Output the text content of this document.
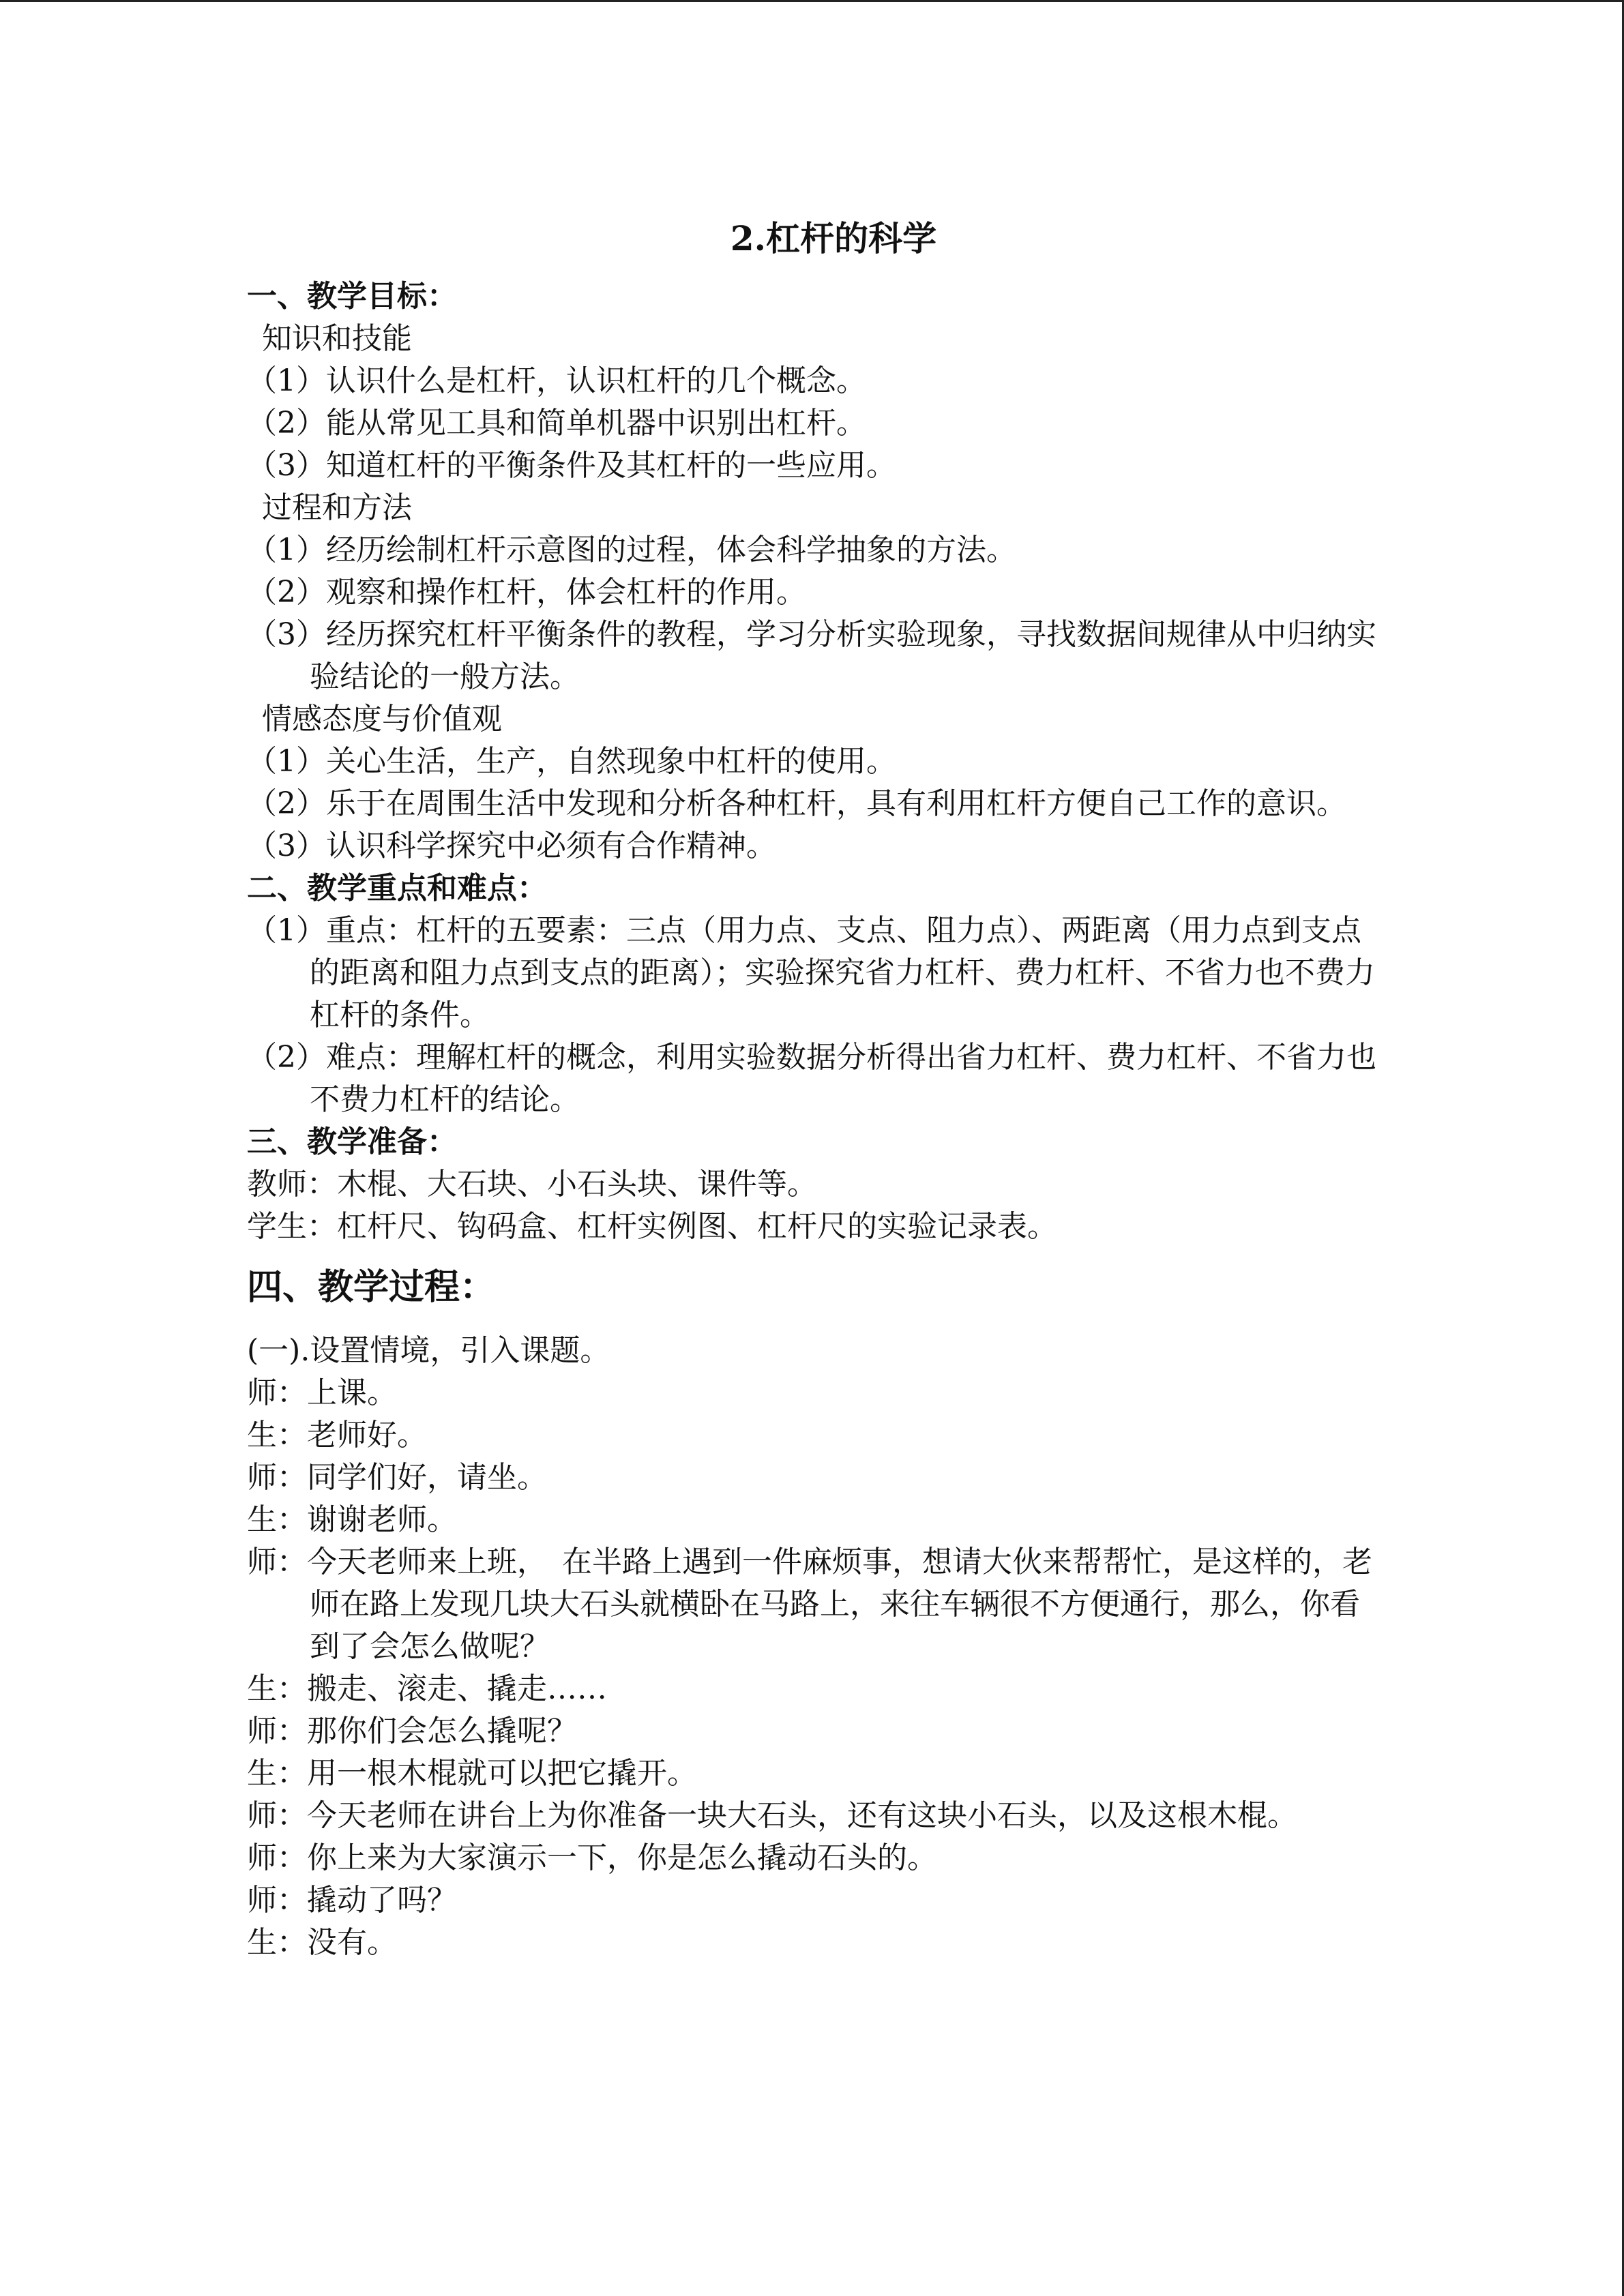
2.杠杆的科学

一、教学目标：

知识和技能

（1）认识什么是杠杆，认识杠杆的几个概念。

（2）能从常见工具和简单机器中识别出杠杆。

（3）知道杠杆的平衡条件及其杠杆的一些应用。

过程和方法

（1）经历绘制杠杆示意图的过程，体会科学抽象的方法。

（2）观察和操作杠杆，体会杠杆的作用。

（3）经历探究杠杆平衡条件的教程，学习分析实验现象，寻找数据间规律从中归纳实验结论的一般方法。

情感态度与价值观

（1）关心生活，生产，自然现象中杠杆的使用。

（2）乐于在周围生活中发现和分析各种杠杆，具有利用杠杆方便自己工作的意识。

（3）认识科学探究中必须有合作精神。

二、教学重点和难点：

（1）重点：杠杆的五要素：三点（用力点、支点、阻力点）、两距离（用力点到支点的距离和阻力点到支点的距离）；实验探究省力杠杆、费力杠杆、不省力也不费力杠杆的条件。

（2）难点：理解杠杆的概念，利用实验数据分析得出省力杠杆、费力杠杆、不省力也不费力杠杆的结论。

三、教学准备：

教师：木棍、大石块、小石头块、课件等。

学生：杠杆尺、钩码盒、杠杆实例图、杠杆尺的实验记录表。

四、教学过程：

(一).设置情境，引入课题。

师：上课。

生：老师好。

师：同学们好，请坐。

生：谢谢老师。

师：今天老师来上班，　在半路上遇到一件麻烦事，想请大伙来帮帮忙，是这样的，老师在路上发现几块大石头就横卧在马路上，来往车辆很不方便通行，那么，你看到了会怎么做呢？

生：搬走、滚走、撬走……

师：那你们会怎么撬呢？

生：用一根木棍就可以把它撬开。

师：今天老师在讲台上为你准备一块大石头，还有这块小石头，以及这根木棍。

师：你上来为大家演示一下，你是怎么撬动石头的。

师：撬动了吗？

生：没有。
